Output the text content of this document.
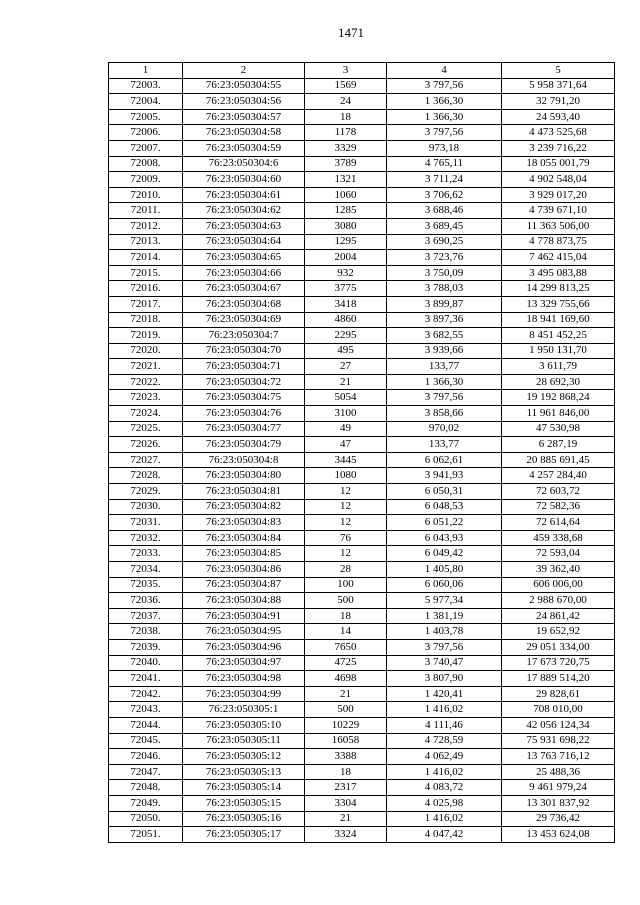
1471
1	2	3	4	5
72003.	76:23:050304:55	1569	3 797,56	5 958 371,64
72004.	76:23:050304:56	24	1 366,30	32 791,20
72005.	76:23:050304:57	18	1 366,30	24 593,40
72006.	76:23:050304:58	1178	3 797,56	4 473 525,68
72007.	76:23:050304:59	3329	973,18	3 239 716,22
72008.	76:23:050304:6	3789	4 765,11	18 055 001,79
72009.	76:23:050304:60	1321	3 711,24	4 902 548,04
72010.	76:23:050304:61	1060	3 706,62	3 929 017,20
72011.	76:23:050304:62	1285	3 688,46	4 739 671,10
72012.	76:23:050304:63	3080	3 689,45	11 363 506,00
72013.	76:23:050304:64	1295	3 690,25	4 778 873,75
72014.	76:23:050304:65	2004	3 723,76	7 462 415,04
72015.	76:23:050304:66	932	3 750,09	3 495 083,88
72016.	76:23:050304:67	3775	3 788,03	14 299 813,25
72017.	76:23:050304:68	3418	3 899,87	13 329 755,66
72018.	76:23:050304:69	4860	3 897,36	18 941 169,60
72019.	76:23:050304:7	2295	3 682,55	8 451 452,25
72020.	76:23:050304:70	495	3 939,66	1 950 131,70
72021.	76:23:050304:71	27	133,77	3 611,79
72022.	76:23:050304:72	21	1 366,30	28 692,30
72023.	76:23:050304:75	5054	3 797,56	19 192 868,24
72024.	76:23:050304:76	3100	3 858,66	11 961 846,00
72025.	76:23:050304:77	49	970,02	47 530,98
72026.	76:23:050304:79	47	133,77	6 287,19
72027.	76:23:050304:8	3445	6 062,61	20 885 691,45
72028.	76:23:050304:80	1080	3 941,93	4 257 284,40
72029.	76:23:050304:81	12	6 050,31	72 603,72
72030.	76:23:050304:82	12	6 048,53	72 582,36
72031.	76:23:050304:83	12	6 051,22	72 614,64
72032.	76:23:050304:84	76	6 043,93	459 338,68
72033.	76:23:050304:85	12	6 049,42	72 593,04
72034.	76:23:050304:86	28	1 405,80	39 362,40
72035.	76:23:050304:87	100	6 060,06	606 006,00
72036.	76:23:050304:88	500	5 977,34	2 988 670,00
72037.	76:23:050304:91	18	1 381,19	24 861,42
72038.	76:23:050304:95	14	1 403,78	19 652,92
72039.	76:23:050304:96	7650	3 797,56	29 051 334,00
72040.	76:23:050304:97	4725	3 740,47	17 673 720,75
72041.	76:23:050304:98	4698	3 807,90	17 889 514,20
72042.	76:23:050304:99	21	1 420,41	29 828,61
72043.	76:23:050305:1	500	1 416,02	708 010,00
72044.	76:23:050305:10	10229	4 111,46	42 056 124,34
72045.	76:23:050305:11	16058	4 728,59	75 931 698,22
72046.	76:23:050305:12	3388	4 062,49	13 763 716,12
72047.	76:23:050305:13	18	1 416,02	25 488,36
72048.	76:23:050305:14	2317	4 083,72	9 461 979,24
72049.	76:23:050305:15	3304	4 025,98	13 301 837,92
72050.	76:23:050305:16	21	1 416,02	29 736,42
72051.	76:23:050305:17	3324	4 047,42	13 453 624,08
